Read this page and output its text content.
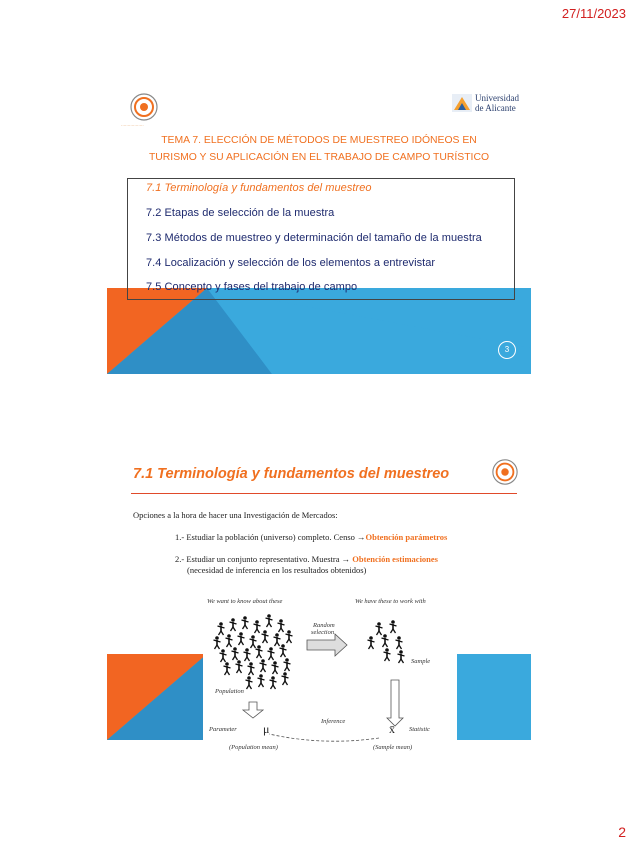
27/11/2023
·················
Universidad
de Alicante
TEMA 7. ELECCIÓN DE MÉTODOS DE MUESTREO IDÓNEOS EN
TURISMO Y SU APLICACIÓN EN EL TRABAJO DE CAMPO TURÍSTICO
7.1 Terminología y fundamentos del muestreo
7.2 Etapas de selección de la muestra
7.3 Métodos de muestreo y determinación del tamaño de la muestra
7.4 Localización y selección de los elementos a entrevistar
7.5 Concepto y fases del trabajo de campo
3
7.1 Terminología y fundamentos del muestreo
Opciones a la hora de hacer una Investigación de Mercados:
1.- Estudiar la población (universo) completo. Censo →Obtención parámetros
2.- Estudiar un conjunto representativo. Muestra → Obtención estimaciones
(necesidad de inferencia en los resultados obtenidos)
We want to know about these	We have these to work with
Random
selection
Population
Sample
Parameter μ
(Population mean)
Inference
x̄ Statistic
(Sample mean)
2
